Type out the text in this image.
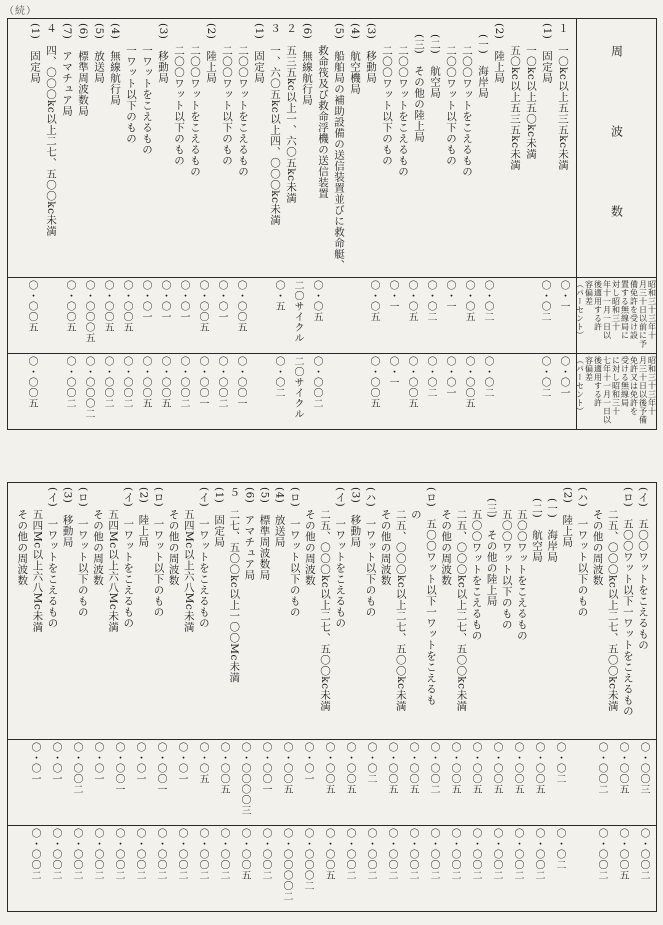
（続）
周　波　数
１　一〇kc以上五三五kc未満
(1)　固定局
　　一〇kc以上五〇kc未満
　　五〇kc以上五三五kc未満
(2)　陸上局
　(一)　海岸局
　　二〇〇ワットをこえるもの
　　二〇〇ワット以下のもの
　(二)　航空局
　(三)　その他の陸上局
　　二〇〇ワットをこえるもの
　　二〇〇ワット以下のもの
(3)　移動局
(4)　航空機局
(5)　船舶局の補助設備の送信装置並びに救命艇、
　　救命筏及び救命浮機の送信装置
(6)　無線航行局
２　五三五kc以上一、六〇五kc未満
３　一、六〇五kc以上四、〇〇〇kc未満
(1)　固定局
　　二〇〇ワットをこえるもの
　　二〇〇ワット以下のもの
(2)　陸上局
　　二〇〇ワットをこえるもの
　　二〇〇ワット以下のもの
(3)　移動局
　　一ワットをこえるもの
　　一ワット以下のもの
(4)　無線航行局
(5)　放送局
(6)　標準周波数局
(7)　アマチュア局
４　四、〇〇〇kc以上二七、五〇〇kc未満
(1)　固定局
〇・一
〇・〇二
〇・〇二
〇・〇五
〇・一
〇・〇二
〇・〇五
〇・一
〇・〇五
〇・〇五
二〇サイクル
〇・五
〇・〇〇五
〇・〇一
〇・〇〇五
〇・〇一
〇・〇一
〇・〇一
〇・〇〇五
〇・〇〇五
〇・〇〇〇五
〇・〇〇五
〇・〇〇五
〇・〇一
〇・〇二
〇・〇二
〇・〇〇五
〇・〇一
〇・〇二
〇・〇〇五
〇・一
〇・〇〇五
〇・〇〇二
二〇サイクル
〇・〇二
〇・〇〇一
〇・〇〇二
〇・〇〇一
〇・〇〇二
〇・〇〇五
〇・〇〇五
〇・〇〇二
〇・〇〇二
〇・〇〇〇二
〇・〇〇二
〇・〇〇五
昭和三十三年十
月三十日以前に予
備免許を受け設
置する無線局に
対し昭和三十
年十一月一日以
後適用する許
容偏差
（パーセント）
昭和三十三年十
月三十日以後予備
免許又は免許を
受ける無線局
に対し昭和三十
七年十一月一日以
後適用する許
容偏差
（パーセント）
(イ)　五〇〇ワットをこえるもの
(ロ)　五〇〇ワット以下一ワットをこえるもの
　　二五、〇〇〇kc以上二七、五〇〇kc未満
　　その他の周波数
(ハ)　一ワット以下のもの
(2)　陸上局
　(一)　海岸局
　(二)　航空局
　　五〇〇ワットをこえるもの
　　五〇〇ワット以下のもの
　(三)　その他の陸上局
　　五〇〇ワットをこえるもの
　　二五、〇〇〇kc以上二七、五〇〇kc未満
　　その他の周波数
(ロ)　五〇〇ワット以下一ワットをこえるも
　　の
　　二五、〇〇〇kc以上二七、五〇〇kc未満
　　その他の周波数
(ハ)　一ワット以下のもの
(3)　移動局
(イ)　一ワットをこえるもの
　　二五、〇〇〇kc以上二七、五〇〇kc未満
　　その他の周波数
(ロ)　一ワット以下のもの
(4)　放送局
(5)　標準周波数局
(6)　アマチュア局
５　二七、五〇〇kc以上一〇〇Mc未満
(1)　固定局
(イ)　一ワットをこえるもの
　　五四Mc以上六八Mc未満
　　その他の周波数
(ロ)　一ワット以下のもの
(2)　陸上局
(イ)　一ワットをこえるもの
　　五四Mc以上六八Mc未満
　　その他の周波数
(ロ)　一ワット以下のもの
(3)　移動局
(イ)　一ワットをこえるもの
　　五四Mc以上六八Mc未満
　　その他の周波数
〇・〇〇三
〇・〇〇五
〇・〇〇二
〇・〇二
〇・〇〇五
〇・〇〇五
〇・〇〇五
〇・〇〇五
〇・〇〇五
〇・〇〇二
〇・〇〇五
〇・〇〇五
〇・〇二
〇・〇〇五
〇・〇〇五
〇・〇一
〇・〇〇五
〇・〇〇一
〇・〇〇〇〇三
〇・〇〇五
〇・〇五
〇・〇一
〇・〇〇一
〇・〇一
〇・〇〇一
〇・〇一
〇・〇〇二
〇・〇一
〇・〇一
〇・〇〇二
〇・〇〇五
〇・〇〇二
〇・〇二
〇・〇〇二
〇・〇〇二
〇・〇〇二
〇・〇〇二
〇・〇〇二
〇・〇〇二
〇・〇〇二
〇・〇〇二
〇・〇〇二
〇・〇〇二
〇・〇〇五
〇・〇〇〇二
〇・〇〇〇〇二
〇・〇〇二
〇・〇〇五
〇・〇〇二
〇・〇〇二
〇・〇〇二
〇・〇〇二
〇・〇〇二
〇・〇〇二
〇・〇〇二
〇・〇〇二
〇・〇〇二
〇・〇〇二
